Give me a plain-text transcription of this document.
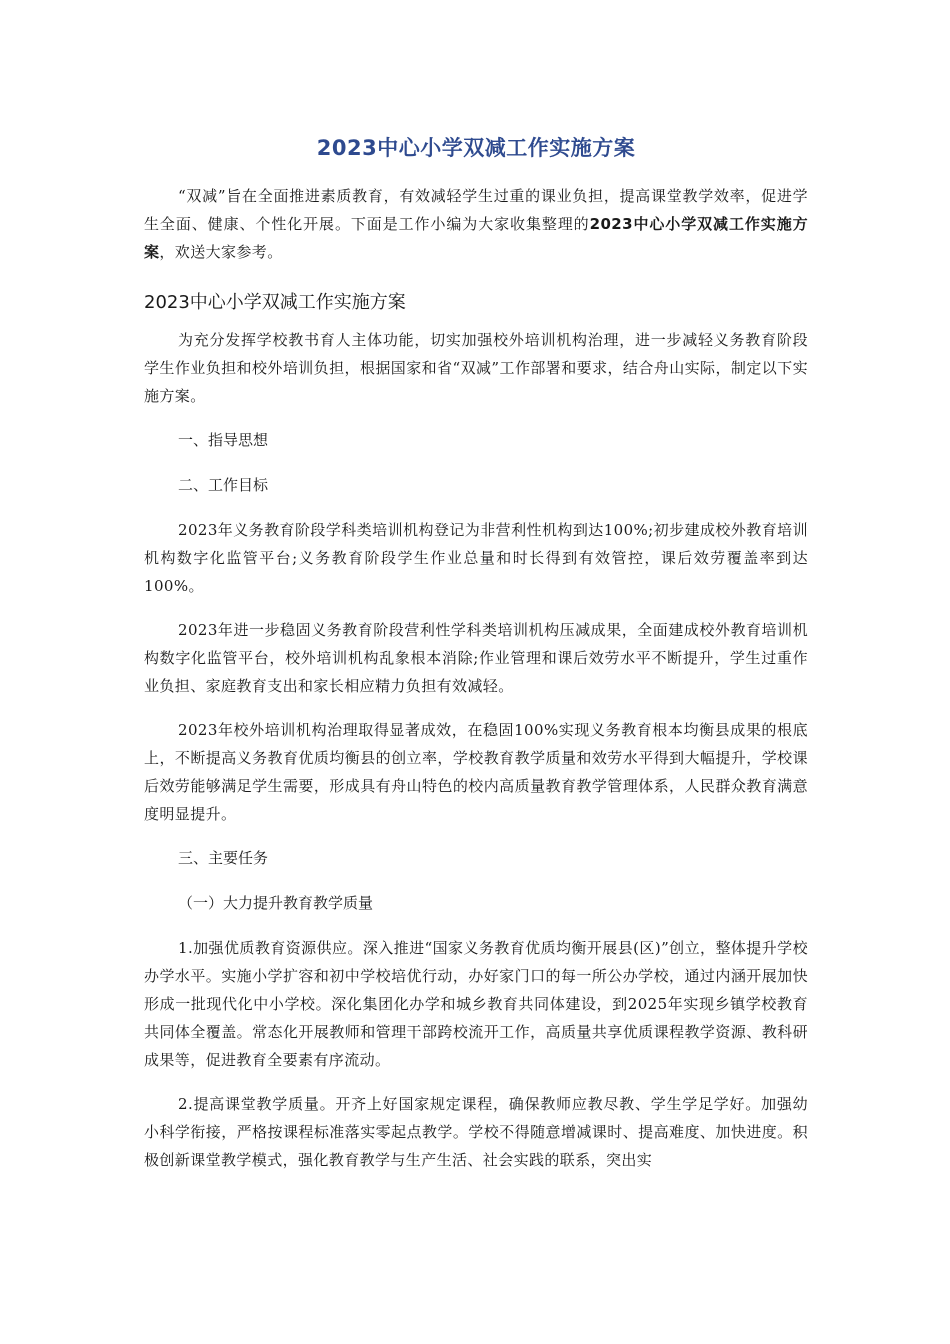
2023中心小学双减工作实施方案

“双减”旨在全面推进素质教育，有效减轻学生过重的课业负担，提高课堂教学效率，促进学生全面、健康、个性化开展。下面是工作小编为大家收集整理的2023中心小学双减工作实施方案，欢送大家参考。

2023中心小学双减工作实施方案

为充分发挥学校教书育人主体功能，切实加强校外培训机构治理，进一步减轻义务教育阶段学生作业负担和校外培训负担，根据国家和省“双减”工作部署和要求，结合舟山实际，制定以下实施方案。

一、指导思想

二、工作目标

2023年义务教育阶段学科类培训机构登记为非营利性机构到达100%;初步建成校外教育培训机构数字化监管平台;义务教育阶段学生作业总量和时长得到有效管控，课后效劳覆盖率到达100%。

2023年进一步稳固义务教育阶段营利性学科类培训机构压减成果，全面建成校外教育培训机构数字化监管平台，校外培训机构乱象根本消除;作业管理和课后效劳水平不断提升，学生过重作业负担、家庭教育支出和家长相应精力负担有效减轻。

2023年校外培训机构治理取得显著成效，在稳固100%实现义务教育根本均衡县成果的根底上，不断提高义务教育优质均衡县的创立率，学校教育教学质量和效劳水平得到大幅提升，学校课后效劳能够满足学生需要，形成具有舟山特色的校内高质量教育教学管理体系，人民群众教育满意度明显提升。

三、主要任务

（一）大力提升教育教学质量

1.加强优质教育资源供应。深入推进“国家义务教育优质均衡开展县(区)”创立，整体提升学校办学水平。实施小学扩容和初中学校培优行动，办好家门口的每一所公办学校，通过内涵开展加快形成一批现代化中小学校。深化集团化办学和城乡教育共同体建设，到2025年实现乡镇学校教育共同体全覆盖。常态化开展教师和管理干部跨校流开工作，高质量共享优质课程教学资源、教科研成果等，促进教育全要素有序流动。

2.提高课堂教学质量。开齐上好国家规定课程，确保教师应教尽教、学生学足学好。加强幼小科学衔接，严格按课程标准落实零起点教学。学校不得随意增减课时、提高难度、加快进度。积极创新课堂教学模式，强化教育教学与生产生活、社会实践的联系，突出实
